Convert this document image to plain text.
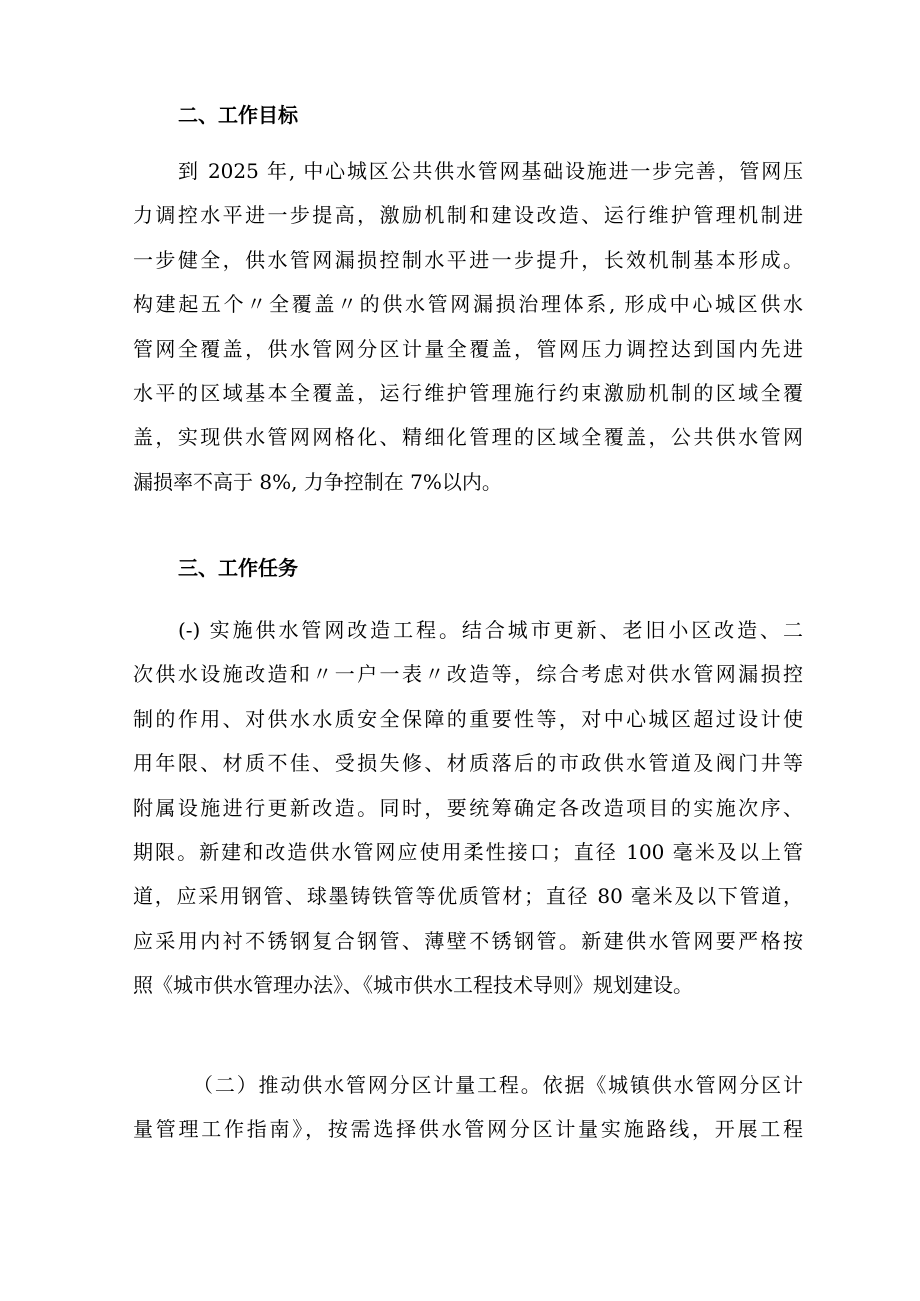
二、工作目标
到 2025 年, 中心城区公共供水管网基础设施进一步完善，管网压
力调控水平进一步提高，激励机制和建设改造、运行维护管理机制进
一步健全，供水管网漏损控制水平进一步提升，长效机制基本形成。
构建起五个〃全覆盖〃的供水管网漏损治理体系, 形成中心城区供水
管网全覆盖，供水管网分区计量全覆盖，管网压力调控达到国内先进
水平的区域基本全覆盖，运行维护管理施行约束激励机制的区域全覆
盖，实现供水管网网格化、精细化管理的区域全覆盖，公共供水管网
漏损率不高于 8%, 力争控制在 7%以内。
三、工作任务
(-) 实施供水管网改造工程。结合城市更新、老旧小区改造、二
次供水设施改造和〃一户一表〃改造等，综合考虑对供水管网漏损控
制的作用、对供水水质安全保障的重要性等，对中心城区超过设计使
用年限、材质不佳、受损失修、材质落后的市政供水管道及阀门井等
附属设施进行更新改造。同时，要统筹确定各改造项目的实施次序、
期限。新建和改造供水管网应使用柔性接口；直径 100 毫米及以上管
道，应采用钢管、球墨铸铁管等优质管材；直径 80 毫米及以下管道，
应采用内衬不锈钢复合钢管、薄壁不锈钢管。新建供水管网要严格按
照《城市供水管理办法》、《城市供水工程技术导则》规划建设。
（二）推动供水管网分区计量工程。依据《城镇供水管网分区计
量管理工作指南》，按需选择供水管网分区计量实施路线，开展工程
